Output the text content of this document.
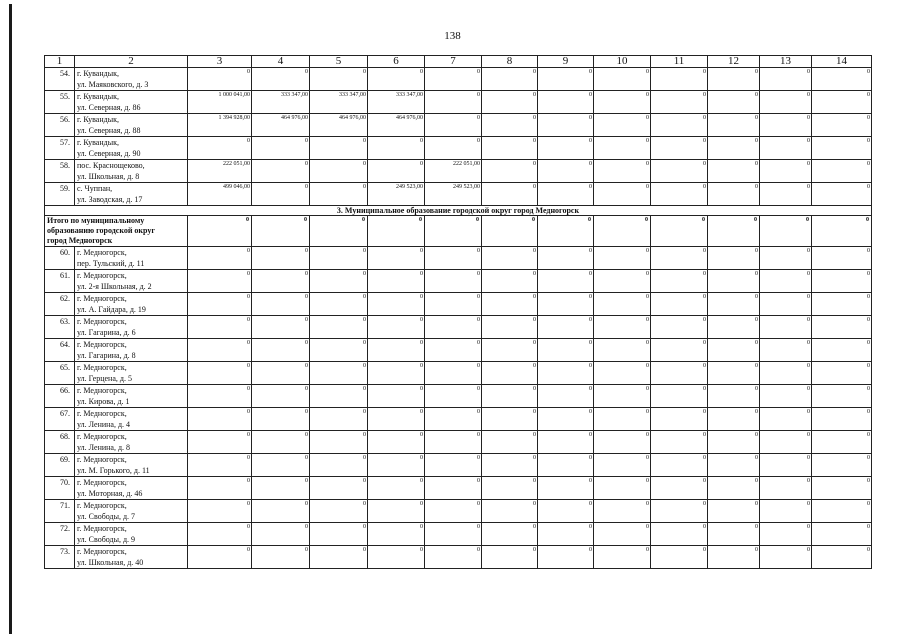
138
1	2	3	4	5	6	7	8	9	10	11	12	13	14
54.	г. Кувандык,
ул. Маяковского, д. 3	0	0	0	0	0	0	0	0	0	0	0	0
55.	г. Кувандык,
ул. Северная, д. 86	1 000 041,00	333 347,00	333 347,00	333 347,00	0	0	0	0	0	0	0	0
56.	г. Кувандык,
ул. Северная, д. 88	1 394 928,00	464 976,00	464 976,00	464 976,00	0	0	0	0	0	0	0	0
57.	г. Кувандык,
ул. Северная, д. 90	0	0	0	0	0	0	0	0	0	0	0	0
58.	пос. Краснощеково,
ул. Школьная, д. 8	222 051,00	0	0	0	222 051,00	0	0	0	0	0	0	0
59.	с. Чуппан,
ул. Заводская, д. 17	499 046,00	0	0	249 523,00	249 523,00	0	0	0	0	0	0	0
3. Муниципальное образование городской округ город Медногорск													

Итого по муниципальному
образованию городской округ
город Медногорск		0	0	0	0	0	0	0	0	0	0	0	0
60.	г. Медногорск,
пер. Тульский, д. 11	0	0	0	0	0	0	0	0	0	0	0	0
61.	г. Медногорск,
ул. 2-я Школьная, д. 2	0	0	0	0	0	0	0	0	0	0	0	0
62.	г. Медногорск,
ул. А. Гайдара, д. 19	0	0	0	0	0	0	0	0	0	0	0	0
63.	г. Медногорск,
ул. Гагарина, д. 6	0	0	0	0	0	0	0	0	0	0	0	0
64.	г. Медногорск,
ул. Гагарина, д. 8	0	0	0	0	0	0	0	0	0	0	0	0
65.	г. Медногорск,
ул. Герцена, д. 5	0	0	0	0	0	0	0	0	0	0	0	0
66.	г. Медногорск,
ул. Кирова, д. 1	0	0	0	0	0	0	0	0	0	0	0	0
67.	г. Медногорск,
ул. Ленина, д. 4	0	0	0	0	0	0	0	0	0	0	0	0
68.	г. Медногорск,
ул. Ленина, д. 8	0	0	0	0	0	0	0	0	0	0	0	0
69.	г. Медногорск,
ул. М. Горького, д. 11	0	0	0	0	0	0	0	0	0	0	0	0
70.	г. Медногорск,
ул. Моторная, д. 46	0	0	0	0	0	0	0	0	0	0	0	0
71.	г. Медногорск,
ул. Свободы, д. 7	0	0	0	0	0	0	0	0	0	0	0	0
72.	г. Медногорск,
ул. Свободы, д. 9	0	0	0	0	0	0	0	0	0	0	0	0
73.	г. Медногорск,
ул. Школьная, д. 40	0	0	0	0	0	0	0	0	0	0	0	0
